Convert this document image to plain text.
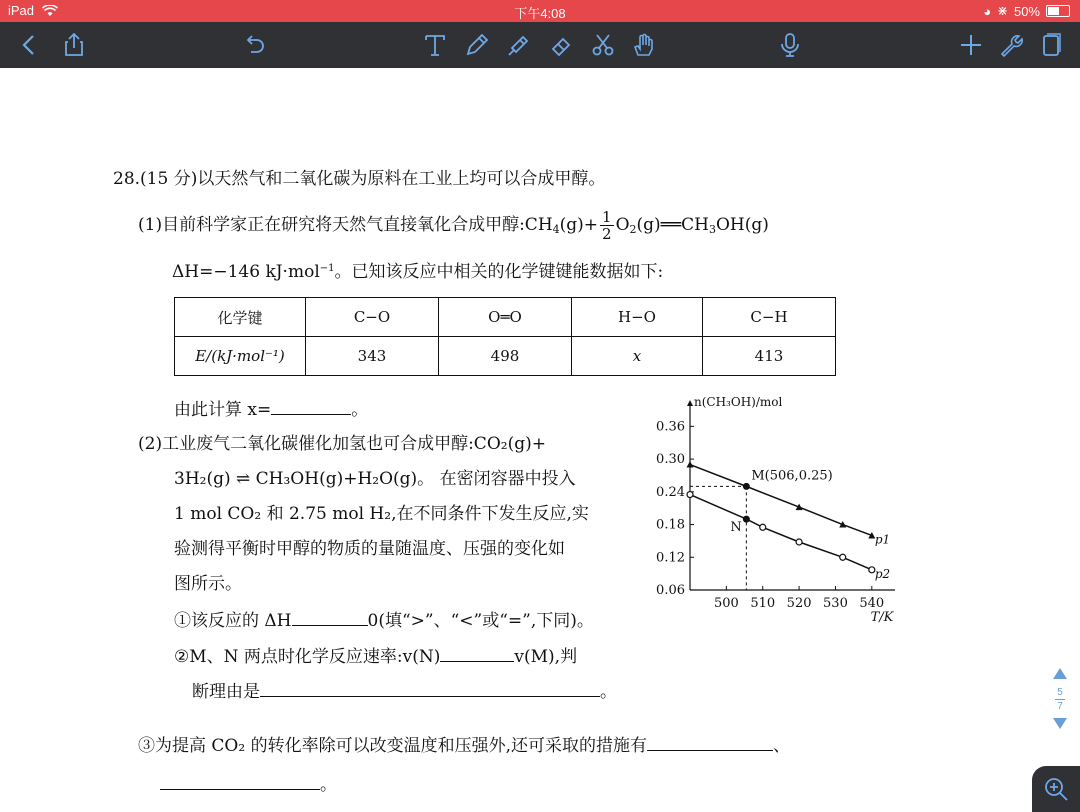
iPad	下午4:08	◕ ⋇ 50%
28.(15 分)以天然气和二氧化碳为原料在工业上均可以合成甲醇。
(1)目前科学家正在研究将天然气直接氧化合成甲醇$:CH_4(g)+ \frac{1}{2}$ $O_2(g)══CH_3OH(g)$
ΔH=−146 kJ·mol$^{-1}$。已知该反应中相关的化学键键能数据如下:
化学键	C−O	O═O	H−O	C−H
E/(kJ·mol⁻¹)	343	498	x	413
由此计算 x=	。
(2)工业废气二氧化碳催化加氢也可合成甲醇:CO₂(g)+
3H₂(g) ⇌ CH₃OH(g)+H₂O(g)。 在密闭容器中投入
1 mol CO₂ 和 2.75 mol H₂,在不同条件下发生反应,实
验测得平衡时甲醇的物质的量随温度、压强的变化如
图所示。
①该反应的 ΔH	0(填“>”、“<”或“=”,下同)。
②M、N 两点时化学反应速率:v(N)	v(M),判
断理由是	。
③为提高 CO₂ 的转化率除可以改变温度和压强外,还可采取的措施有	、
。
n(CH₃OH)/mol
0.06
0.12
0.18
0.24
0.30
0.36
500 510 520 530 540
T/K
p1
p2
M(506,0.25)
N
5
7
